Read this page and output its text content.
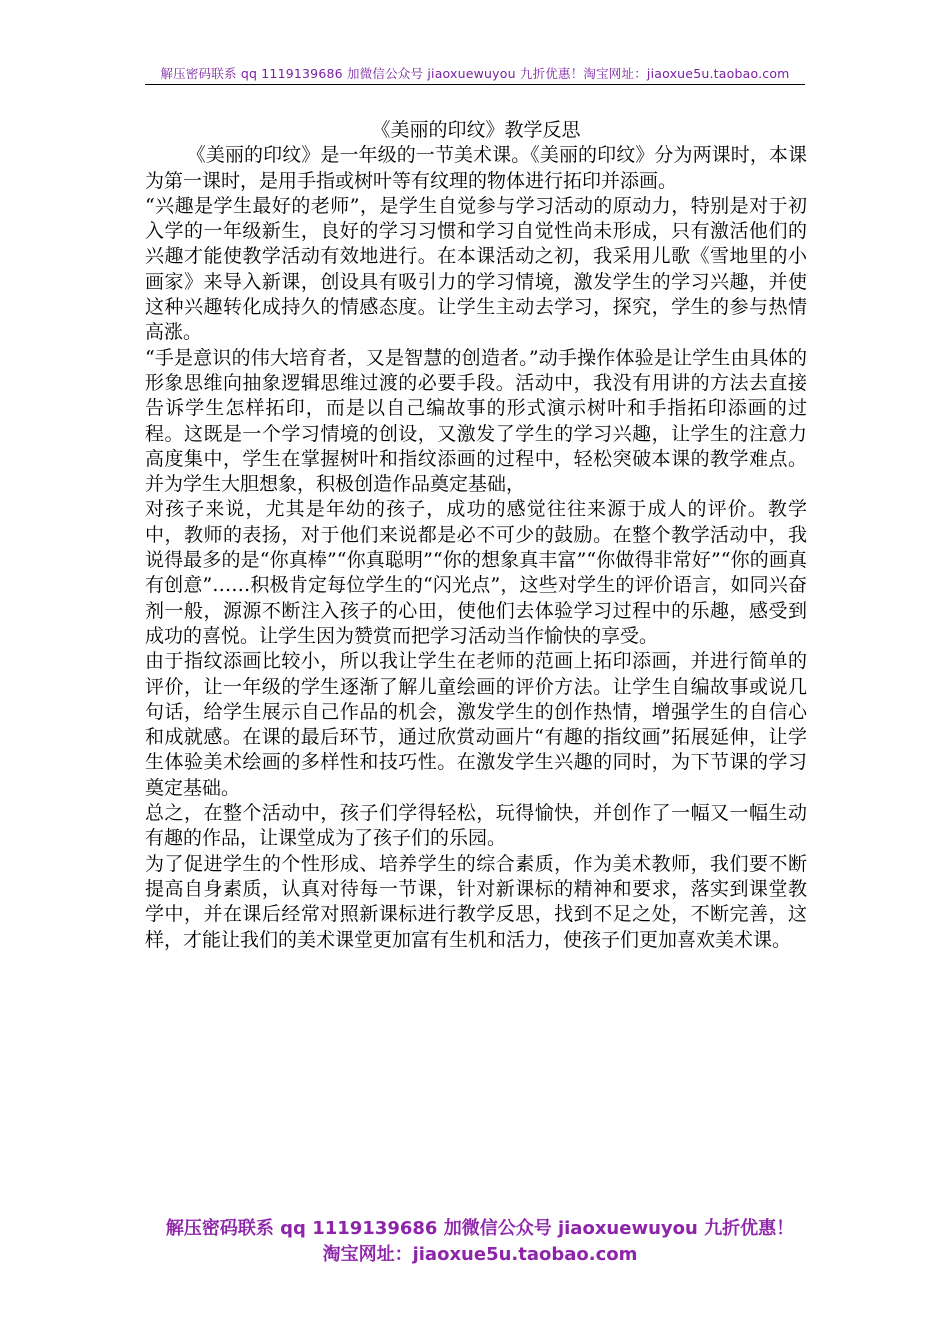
解压密码联系 qq 1119139686 加微信公众号 jiaoxuewuyou 九折优惠！淘宝网址：jiaoxue5u.taobao.com

《美丽的印纹》教学反思

《美丽的印纹》是一年级的一节美术课。《美丽的印纹》分为两课时，本课为第一课时，是用手指或树叶等有纹理的物体进行拓印并添画。

“兴趣是学生最好的老师”，是学生自觉参与学习活动的原动力，特别是对于初入学的一年级新生，良好的学习习惯和学习自觉性尚未形成，只有激活他们的兴趣才能使教学活动有效地进行。在本课活动之初，我采用儿歌《雪地里的小画家》来导入新课，创设具有吸引力的学习情境，激发学生的学习兴趣，并使这种兴趣转化成持久的情感态度。让学生主动去学习，探究，学生的参与热情高涨。

“手是意识的伟大培育者，又是智慧的创造者。”动手操作体验是让学生由具体的形象思维向抽象逻辑思维过渡的必要手段。活动中，我没有用讲的方法去直接告诉学生怎样拓印，而是以自己编故事的形式演示树叶和手指拓印添画的过程。这既是一个学习情境的创设，又激发了学生的学习兴趣，让学生的注意力高度集中，学生在掌握树叶和指纹添画的过程中，轻松突破本课的教学难点。并为学生大胆想象，积极创造作品奠定基础，

对孩子来说，尤其是年幼的孩子，成功的感觉往往来源于成人的评价。教学中，教师的表扬，对于他们来说都是必不可少的鼓励。在整个教学活动中，我说得最多的是“你真棒”“你真聪明”“你的想象真丰富”“你做得非常好”“你的画真有创意”……积极肯定每位学生的“闪光点”，这些对学生的评价语言，如同兴奋剂一般，源源不断注入孩子的心田，使他们去体验学习过程中的乐趣，感受到成功的喜悦。让学生因为赞赏而把学习活动当作愉快的享受。

由于指纹添画比较小，所以我让学生在老师的范画上拓印添画，并进行简单的评价，让一年级的学生逐渐了解儿童绘画的评价方法。让学生自编故事或说几句话，给学生展示自己作品的机会，激发学生的创作热情，增强学生的自信心和成就感。在课的最后环节，通过欣赏动画片“有趣的指纹画”拓展延伸，让学生体验美术绘画的多样性和技巧性。在激发学生兴趣的同时，为下节课的学习奠定基础。

总之，在整个活动中，孩子们学得轻松，玩得愉快，并创作了一幅又一幅生动有趣的作品，让课堂成为了孩子们的乐园。

为了促进学生的个性形成、培养学生的综合素质，作为美术教师，我们要不断提高自身素质，认真对待每一节课，针对新课标的精神和要求，落实到课堂教学中，并在课后经常对照新课标进行教学反思，找到不足之处，不断完善，这样，才能让我们的美术课堂更加富有生机和活力，使孩子们更加喜欢美术课。

解压密码联系 qq 1119139686 加微信公众号 jiaoxuewuyou 九折优惠！
淘宝网址：jiaoxue5u.taobao.com
